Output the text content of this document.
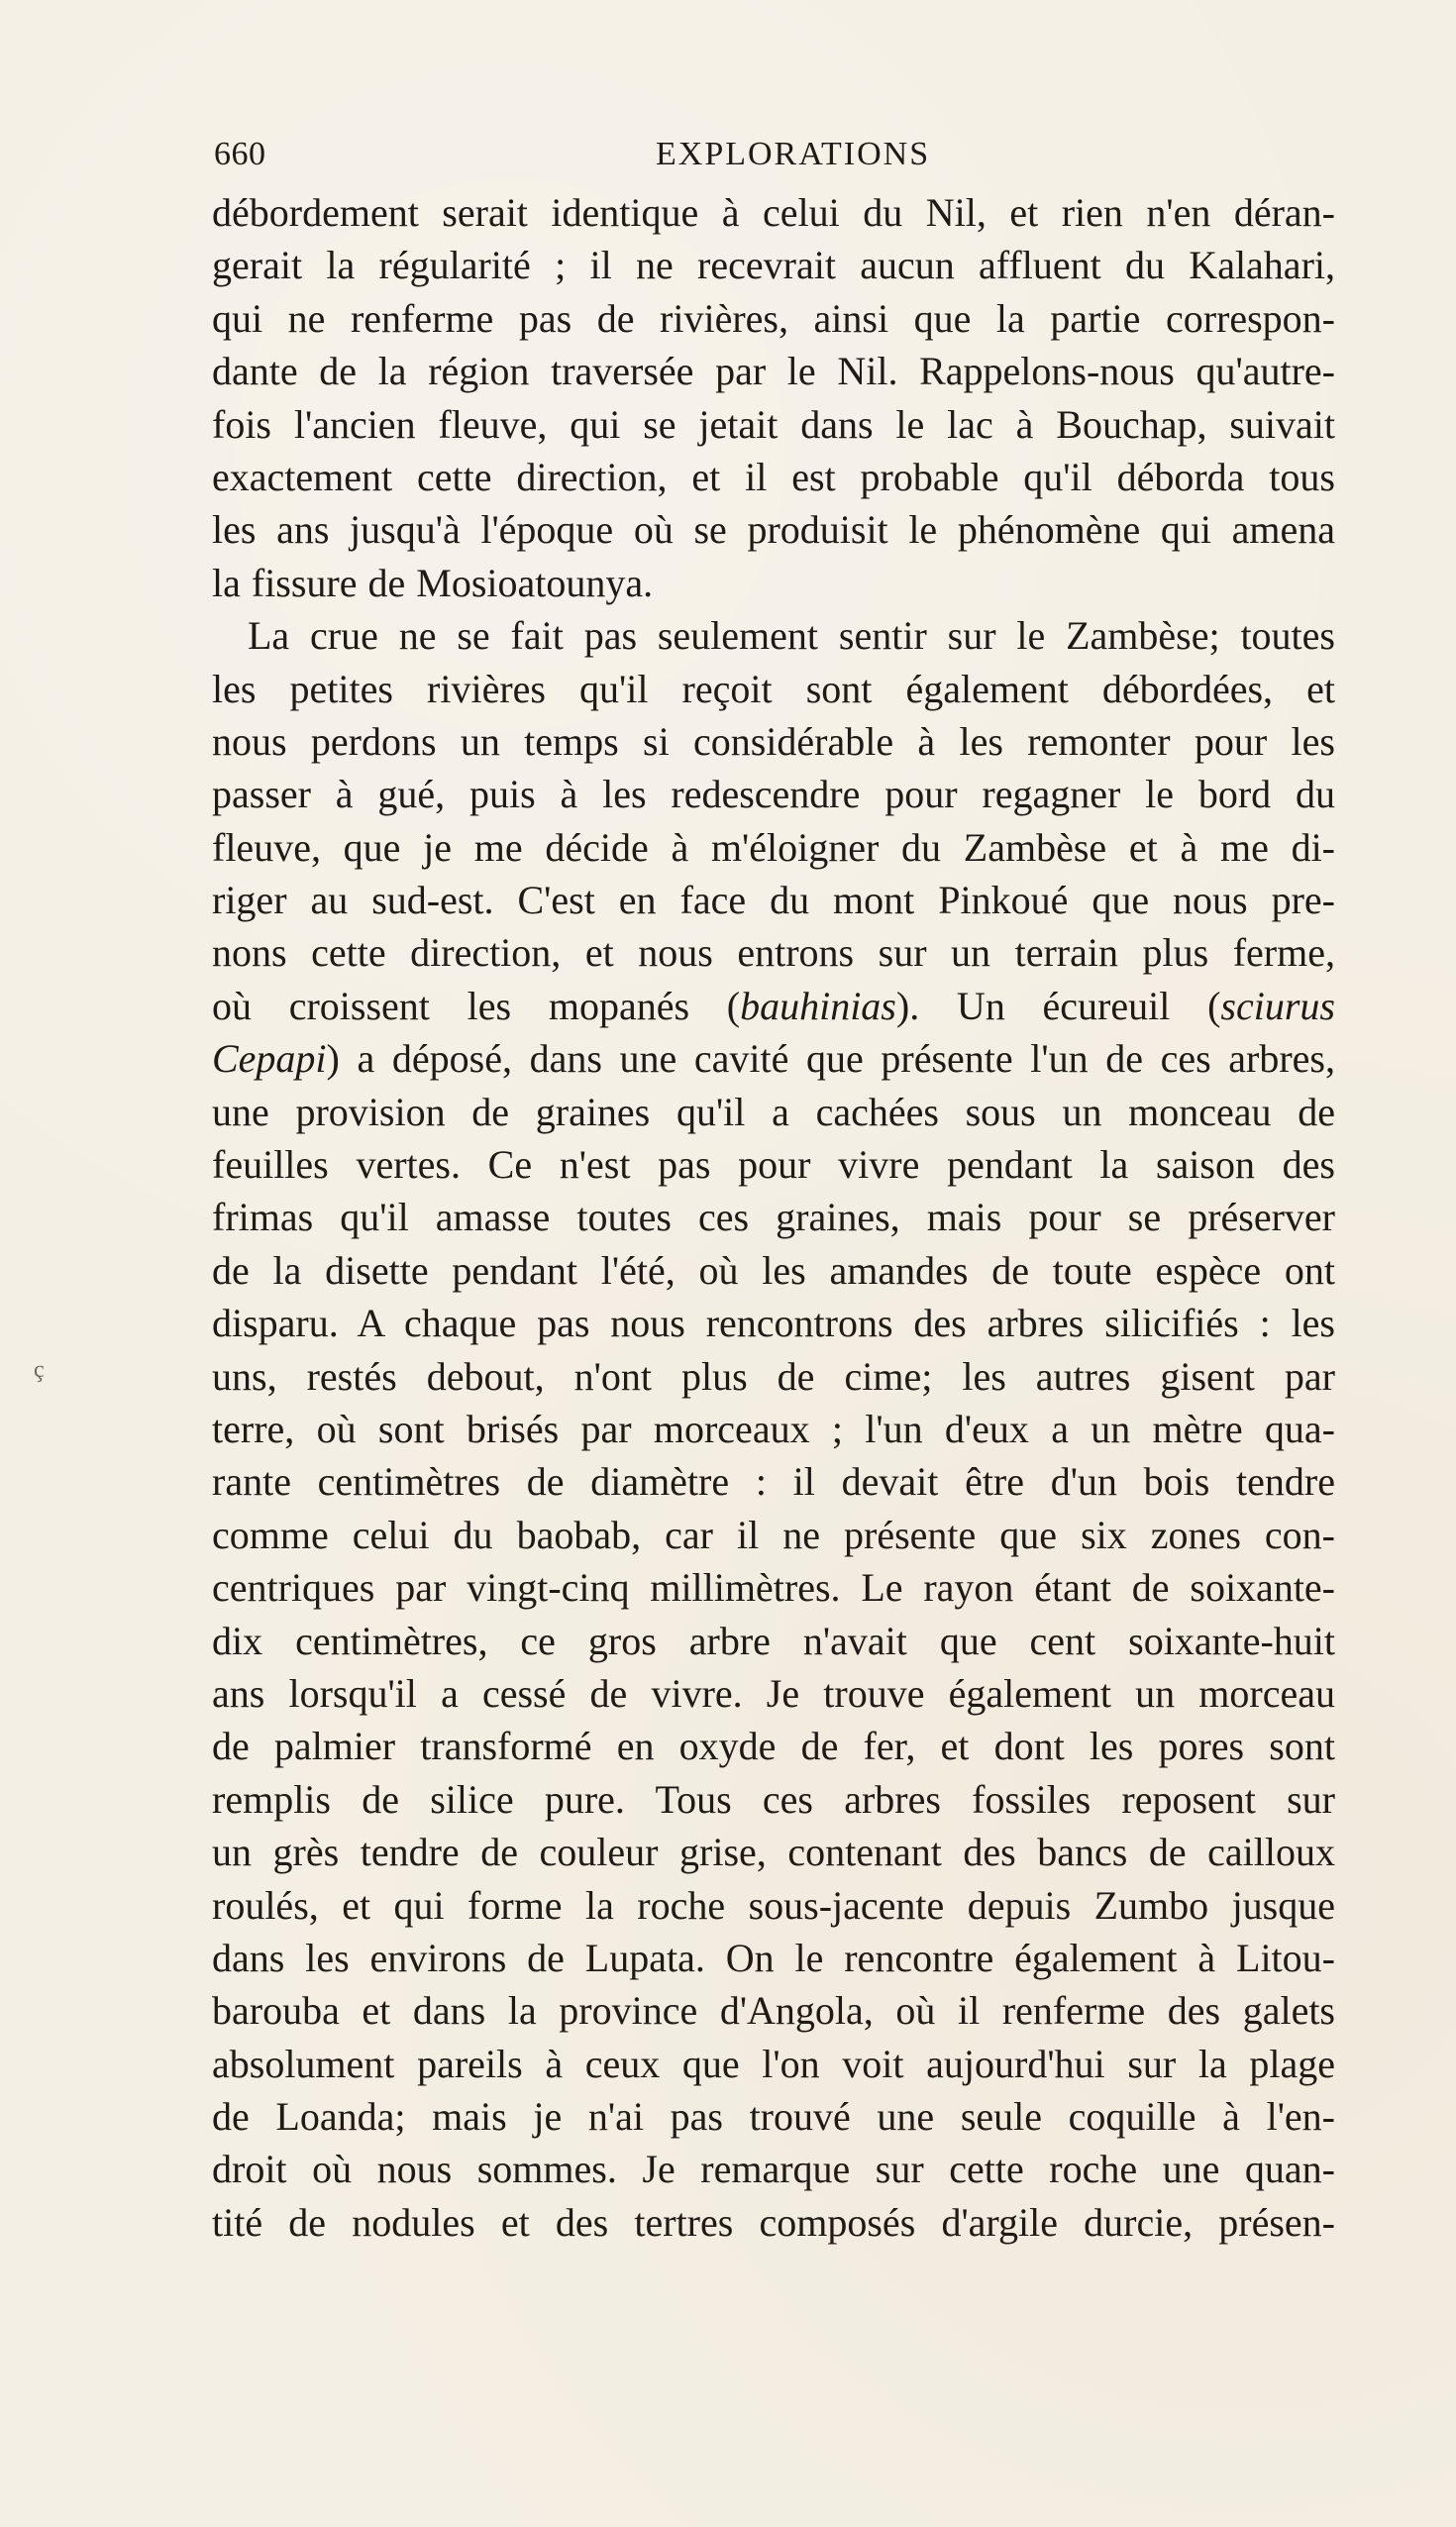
660	EXPLORATIONS
ç
débordement serait identique à celui du Nil, et rien n'en déran-
gerait la régularité ; il ne recevrait aucun affluent du Kalahari,
qui ne renferme pas de rivières, ainsi que la partie correspon-
dante de la région traversée par le Nil. Rappelons-nous qu'autre-
fois l'ancien fleuve, qui se jetait dans le lac à Bouchap, suivait
exactement cette direction, et il est probable qu'il déborda tous
les ans jusqu'à l'époque où se produisit le phénomène qui amena
la fissure de Mosioatounya.
La crue ne se fait pas seulement sentir sur le Zambèse; toutes
les petites rivières qu'il reçoit sont également débordées, et
nous perdons un temps si considérable à les remonter pour les
passer à gué, puis à les redescendre pour regagner le bord du
fleuve, que je me décide à m'éloigner du Zambèse et à me di-
riger au sud-est. C'est en face du mont Pinkoué que nous pre-
nons cette direction, et nous entrons sur un terrain plus ferme,
où croissent les mopanés (bauhinias). Un écureuil (sciurus
Cepapi) a déposé, dans une cavité que présente l'un de ces arbres,
une provision de graines qu'il a cachées sous un monceau de
feuilles vertes. Ce n'est pas pour vivre pendant la saison des
frimas qu'il amasse toutes ces graines, mais pour se préserver
de la disette pendant l'été, où les amandes de toute espèce ont
disparu. A chaque pas nous rencontrons des arbres silicifiés : les
uns, restés debout, n'ont plus de cime; les autres gisent par
terre, où sont brisés par morceaux ; l'un d'eux a un mètre qua-
rante centimètres de diamètre : il devait être d'un bois tendre
comme celui du baobab, car il ne présente que six zones con-
centriques par vingt-cinq millimètres. Le rayon étant de soixante-
dix centimètres, ce gros arbre n'avait que cent soixante-huit
ans lorsqu'il a cessé de vivre. Je trouve également un morceau
de palmier transformé en oxyde de fer, et dont les pores sont
remplis de silice pure. Tous ces arbres fossiles reposent sur
un grès tendre de couleur grise, contenant des bancs de cailloux
roulés, et qui forme la roche sous-jacente depuis Zumbo jusque
dans les environs de Lupata. On le rencontre également à Litou-
barouba et dans la province d'Angola, où il renferme des galets
absolument pareils à ceux que l'on voit aujourd'hui sur la plage
de Loanda; mais je n'ai pas trouvé une seule coquille à l'en-
droit où nous sommes. Je remarque sur cette roche une quan-
tité de nodules et des tertres composés d'argile durcie, présen-
